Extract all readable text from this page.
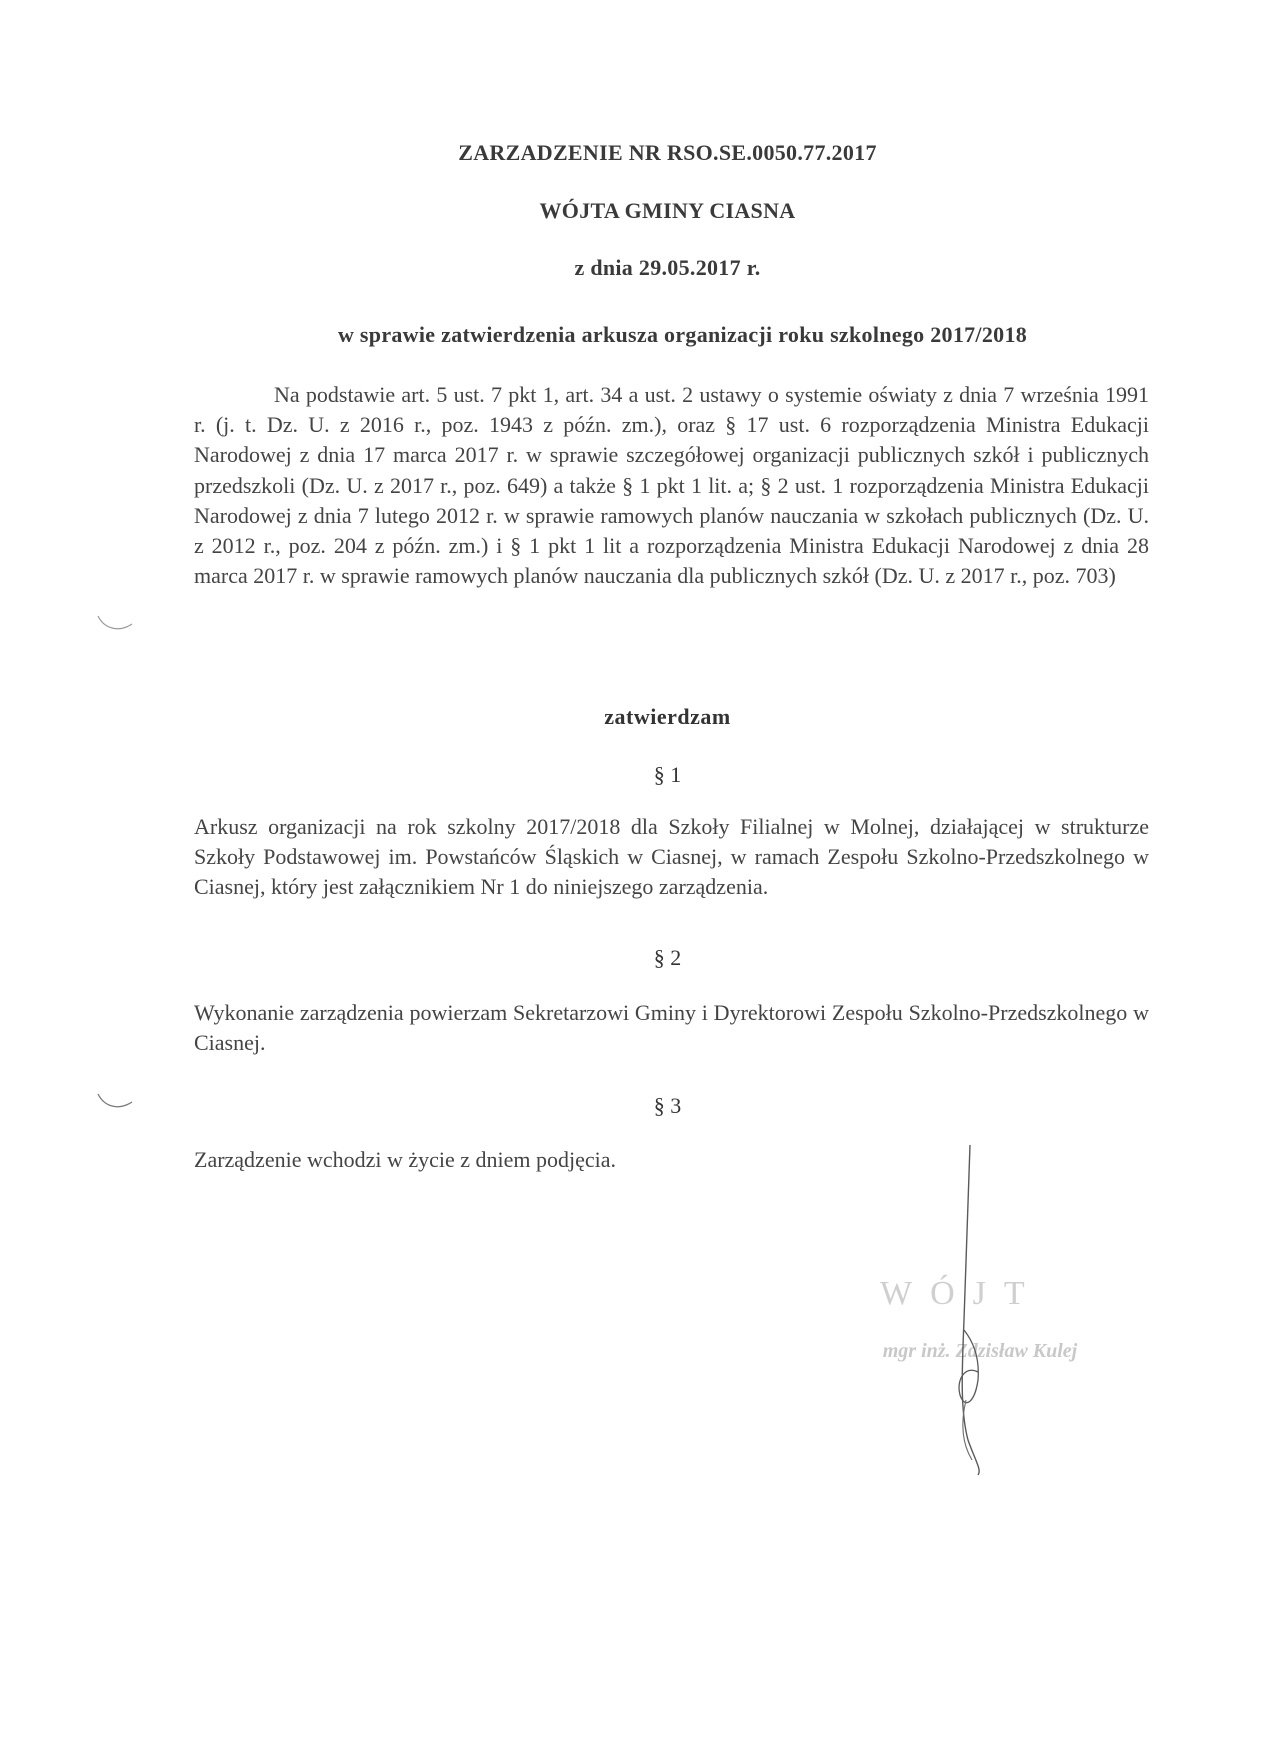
ZARZADZENIE NR RSO.SE.0050.77.2017
WÓJTA GMINY CIASNA
z dnia 29.05.2017 r.
w sprawie zatwierdzenia arkusza organizacji roku szkolnego 2017/2018
Na podstawie art. 5 ust. 7 pkt 1, art. 34 a ust. 2 ustawy o systemie oświaty z dnia 7 września 1991 r. (j. t. Dz. U. z 2016 r., poz. 1943 z późn. zm.), oraz § 17 ust. 6 rozporządzenia Ministra Edukacji Narodowej z dnia 17 marca 2017 r. w sprawie szczegółowej organizacji publicznych szkół i publicznych przedszkoli (Dz. U. z 2017 r., poz. 649) a także § 1 pkt 1 lit. a; § 2 ust. 1 rozporządzenia Ministra Edukacji Narodowej z dnia 7 lutego 2012 r. w sprawie ramowych planów nauczania w szkołach publicznych (Dz. U. z 2012 r., poz. 204 z późn. zm.) i § 1 pkt 1 lit a rozporządzenia Ministra Edukacji Narodowej z dnia 28 marca 2017 r. w sprawie ramowych planów nauczania dla publicznych szkół (Dz. U. z 2017 r., poz. 703)
zatwierdzam
§ 1
Arkusz organizacji na rok szkolny 2017/2018 dla Szkoły Filialnej w Molnej, działającej w strukturze Szkoły Podstawowej im. Powstańców Śląskich w Ciasnej, w ramach Zespołu Szkolno-Przedszkolnego w Ciasnej, który jest załącznikiem Nr 1 do niniejszego zarządzenia.
§ 2
Wykonanie zarządzenia powierzam Sekretarzowi Gminy i Dyrektorowi Zespołu Szkolno-Przedszkolnego w Ciasnej.
§ 3
Zarządzenie wchodzi w życie z dniem podjęcia.
WÓJT
mgr inż. Zdzisław Kulej
